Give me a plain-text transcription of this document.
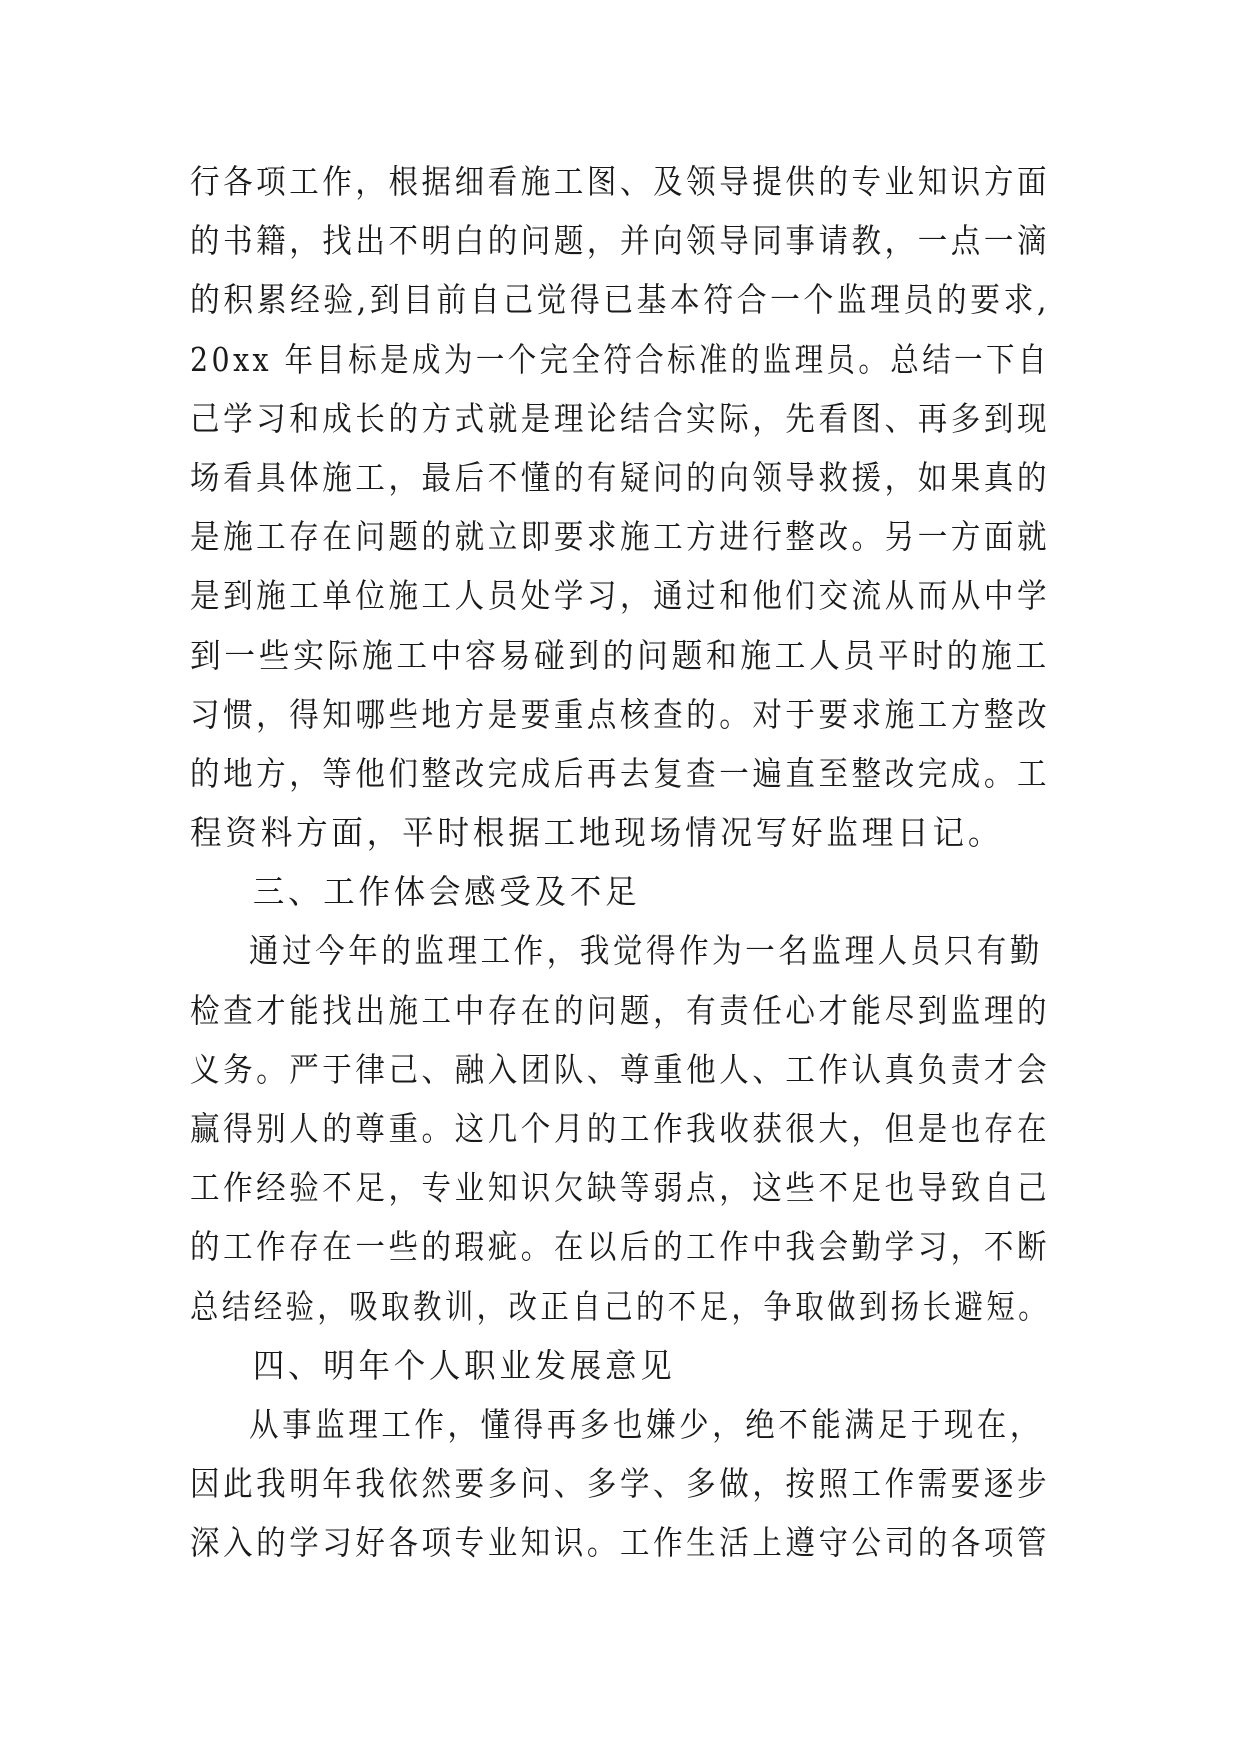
行各项工作，根据细看施工图、及领导提供的专业知识方面
的书籍，找出不明白的问题，并向领导同事请教，一点一滴
的积累经验,到目前自己觉得已基本符合一个监理员的要求,
20xx 年目标是成为一个完全符合标准的监理员。总结一下自
己学习和成长的方式就是理论结合实际，先看图、再多到现
场看具体施工，最后不懂的有疑问的向领导救援，如果真的
是施工存在问题的就立即要求施工方进行整改。另一方面就
是到施工单位施工人员处学习，通过和他们交流从而从中学
到一些实际施工中容易碰到的问题和施工人员平时的施工
习惯，得知哪些地方是要重点核查的。对于要求施工方整改
的地方，等他们整改完成后再去复查一遍直至整改完成。工
程资料方面，平时根据工地现场情况写好监理日记。
三、工作体会感受及不足
通过今年的监理工作，我觉得作为一名监理人员只有勤
检查才能找出施工中存在的问题，有责任心才能尽到监理的
义务。严于律己、融入团队、尊重他人、工作认真负责才会
赢得别人的尊重。这几个月的工作我收获很大，但是也存在
工作经验不足，专业知识欠缺等弱点，这些不足也导致自己
的工作存在一些的瑕疵。在以后的工作中我会勤学习，不断
总结经验，吸取教训，改正自己的不足，争取做到扬长避短。
四、明年个人职业发展意见
从事监理工作，懂得再多也嫌少，绝不能满足于现在，
因此我明年我依然要多问、多学、多做，按照工作需要逐步
深入的学习好各项专业知识。工作生活上遵守公司的各项管
